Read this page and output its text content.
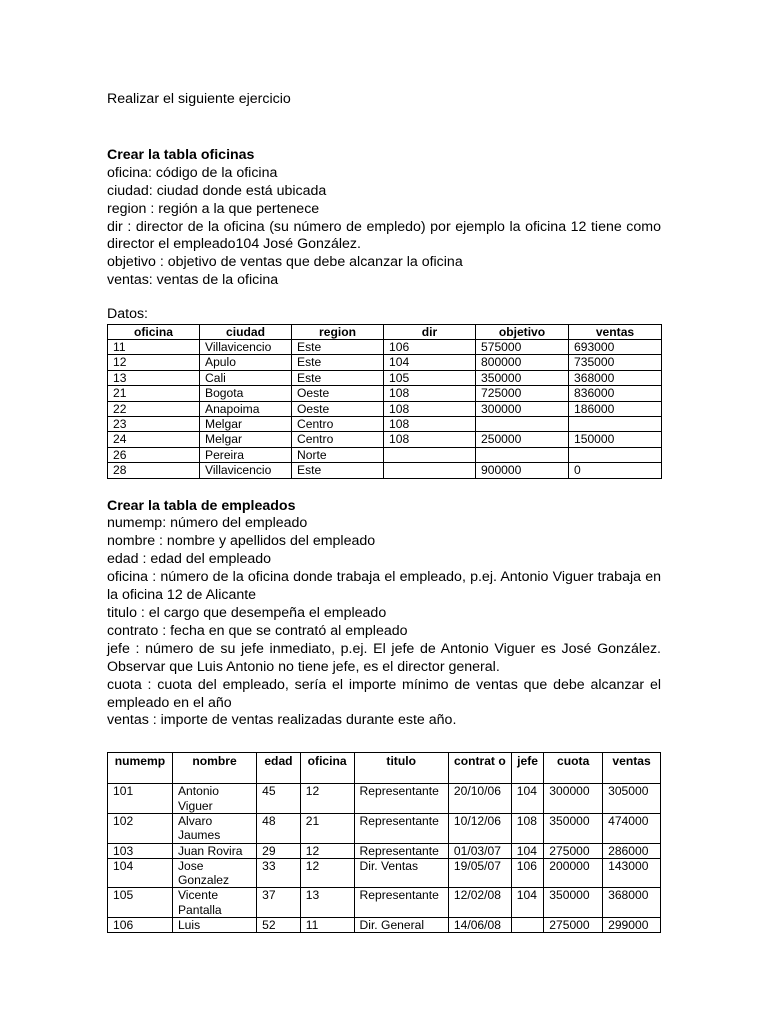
Realizar el siguiente ejercicio

Crear la tabla oficinas

oficina: código de la oficina

ciudad: ciudad donde está ubicada

region : región a la que pertenece

dir : director de la oficina (su número de empledo) por ejemplo la oficina 12 tiene como director el empleado104 José González.

objetivo : objetivo de ventas que debe alcanzar la oficina

ventas: ventas de la oficina

Datos:

oficina	ciudad	region	dir	objetivo	ventas
11	Villavicencio	Este	106	575000	693000
12	Apulo	Este	104	800000	735000
13	Cali	Este	105	350000	368000
21	Bogota	Oeste	108	725000	836000
22	Anapoima	Oeste	108	300000	186000
23	Melgar	Centro	108		
24	Melgar	Centro	108	250000	150000
26	Pereira	Norte			
28	Villavicencio	Este		900000	0

Crear la tabla de empleados

numemp: número del empleado

nombre : nombre y apellidos del empleado

edad : edad del empleado

oficina : número de la oficina donde trabaja el empleado, p.ej. Antonio Viguer trabaja en la oficina 12 de Alicante

titulo : el cargo que desempeña el empleado

contrato : fecha en que se contrató al empleado

jefe : número de su jefe inmediato, p.ej. El jefe de Antonio Viguer es José González. Observar que Luis Antonio no tiene jefe, es el director general.

cuota : cuota del empleado, sería el importe mínimo de ventas que debe alcanzar el empleado en el año

ventas : importe de ventas realizadas durante este año.

numemp	nombre	edad	oficina	titulo	contrat o	jefe	cuota	ventas
101	Antonio Viguer	45	12	Representante	20/10/06	104	300000	305000
102	Alvaro Jaumes	48	21	Representante	10/12/06	108	350000	474000
103	Juan Rovira	29	12	Representante	01/03/07	104	275000	286000
104	Jose Gonzalez	33	12	Dir. Ventas	19/05/07	106	200000	143000
105	Vicente Pantalla	37	13	Representante	12/02/08	104	350000	368000
106	Luis	52	11	Dir. General	14/06/08		275000	299000
